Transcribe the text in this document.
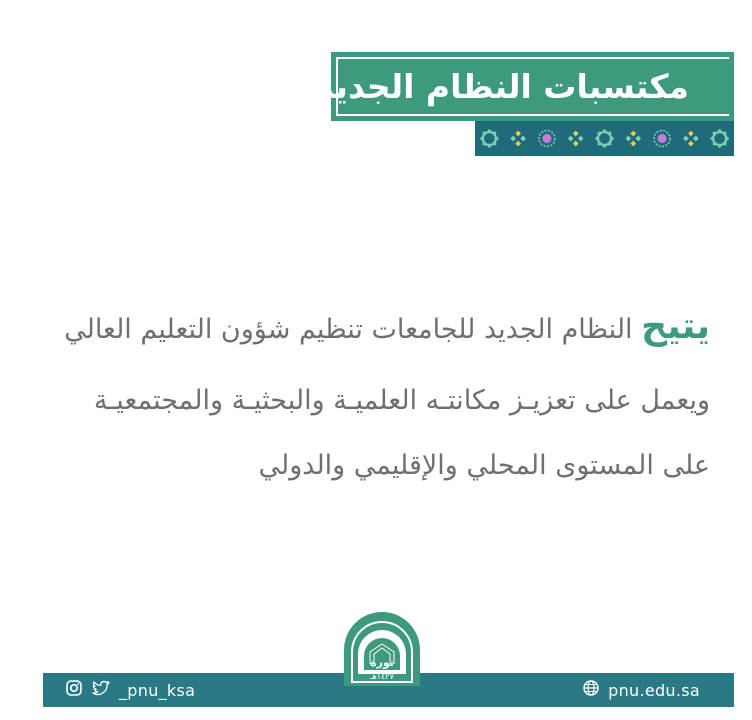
مكتسبات النظام الجديد
يتيح النظام الجديد للجامعات تنظيم شؤون التعليم العالي
ويعمل على تعزيـز مكانتـه العلميـة والبحثيـة والمجتمعيـة
على المستوى المحلي والإقليمي والدولي
_pnu_ksa	pnu.edu.sa
نورة
١٤٢٧هـ
